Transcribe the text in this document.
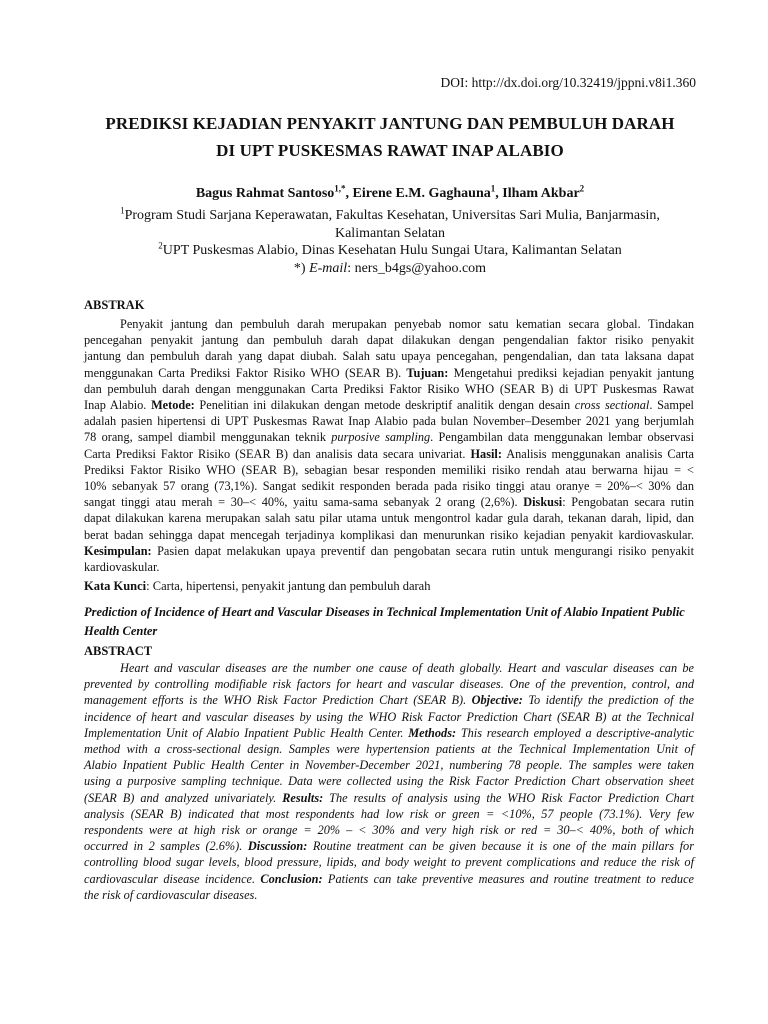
DOI: http://dx.doi.org/10.32419/jppni.v8i1.360
PREDIKSI KEJADIAN PENYAKIT JANTUNG DAN PEMBULUH DARAH
DI UPT PUSKESMAS RAWAT INAP ALABIO
Bagus Rahmat Santoso$^{1,*}$, Eirene E.M. Gaghauna$^1$, Ilham Akbar$^2$
$^1$Program Studi Sarjana Keperawatan, Fakultas Kesehatan, Universitas Sari Mulia, Banjarmasin,
Kalimantan Selatan
$^2$UPT Puskesmas Alabio, Dinas Kesehatan Hulu Sungai Utara, Kalimantan Selatan
*) E-mail: ners_b4gs@yahoo.com
ABSTRAK
Penyakit jantung dan pembuluh darah merupakan penyebab nomor satu kematian secara global. Tindakan
pencegahan penyakit jantung dan pembuluh darah dapat dilakukan dengan pengendalian faktor risiko penyakit
jantung dan pembuluh darah yang dapat diubah. Salah satu upaya pencegahan, pengendalian, dan tata laksana dapat
menggunakan Carta Prediksi Faktor Risiko WHO (SEAR B). Tujuan: Mengetahui prediksi kejadian penyakit jantung
dan pembuluh darah dengan menggunakan Carta Prediksi Faktor Risiko WHO (SEAR B) di UPT Puskesmas Rawat
Inap Alabio. Metode: Penelitian ini dilakukan dengan metode deskriptif analitik dengan desain cross sectional. Sampel
adalah pasien hipertensi di UPT Puskesmas Rawat Inap Alabio pada bulan November–Desember 2021 yang berjumlah
78 orang, sampel diambil menggunakan teknik purposive sampling. Pengambilan data menggunakan lembar observasi
Carta Prediksi Faktor Risiko (SEAR B) dan analisis data secara univariat. Hasil: Analisis menggunakan analisis Carta
Prediksi Faktor Risiko WHO (SEAR B), sebagian besar responden memiliki risiko rendah atau berwarna hijau = <
10% sebanyak 57 orang (73,1%). Sangat sedikit responden berada pada risiko tinggi atau oranye = 20%–< 30% dan
sangat tinggi atau merah = 30–< 40%, yaitu sama-sama sebanyak 2 orang (2,6%). Diskusi: Pengobatan secara rutin
dapat dilakukan karena merupakan salah satu pilar utama untuk mengontrol kadar gula darah, tekanan darah, lipid, dan
berat badan sehingga dapat mencegah terjadinya komplikasi dan menurunkan risiko kejadian penyakit kardiovaskular.
Kesimpulan: Pasien dapat melakukan upaya preventif dan pengobatan secara rutin untuk mengurangi risiko penyakit
kardiovaskular.
Kata Kunci: Carta, hipertensi, penyakit jantung dan pembuluh darah
Prediction of Incidence of Heart and Vascular Diseases in Technical Implementation Unit of Alabio Inpatient Public
Health Center
ABSTRACT
Heart and vascular diseases are the number one cause of death globally. Heart and vascular diseases can be
prevented by controlling modifiable risk factors for heart and vascular diseases. One of the prevention, control, and
management efforts is the WHO Risk Factor Prediction Chart (SEAR B). Objective: To identify the prediction of the
incidence of heart and vascular diseases by using the WHO Risk Factor Prediction Chart (SEAR B) at the Technical
Implementation Unit of Alabio Inpatient Public Health Center. Methods: This research employed a descriptive-analytic
method with a cross-sectional design. Samples were hypertension patients at the Technical Implementation Unit of
Alabio Inpatient Public Health Center in November-December 2021, numbering 78 people. The samples were taken
using a purposive sampling technique. Data were collected using the Risk Factor Prediction Chart observation sheet
(SEAR B) and analyzed univariately. Results: The results of analysis using the WHO Risk Factor Prediction Chart
analysis (SEAR B) indicated that most respondents had low risk or green = <10%, 57 people (73.1%). Very few
respondents were at high risk or orange = 20% – < 30% and very high risk or red = 30–< 40%, both of which
occurred in 2 samples (2.6%). Discussion: Routine treatment can be given because it is one of the main pillars for
controlling blood sugar levels, blood pressure, lipids, and body weight to prevent complications and reduce the risk of
cardiovascular disease incidence. Conclusion: Patients can take preventive measures and routine treatment to reduce
the risk of cardiovascular diseases.
